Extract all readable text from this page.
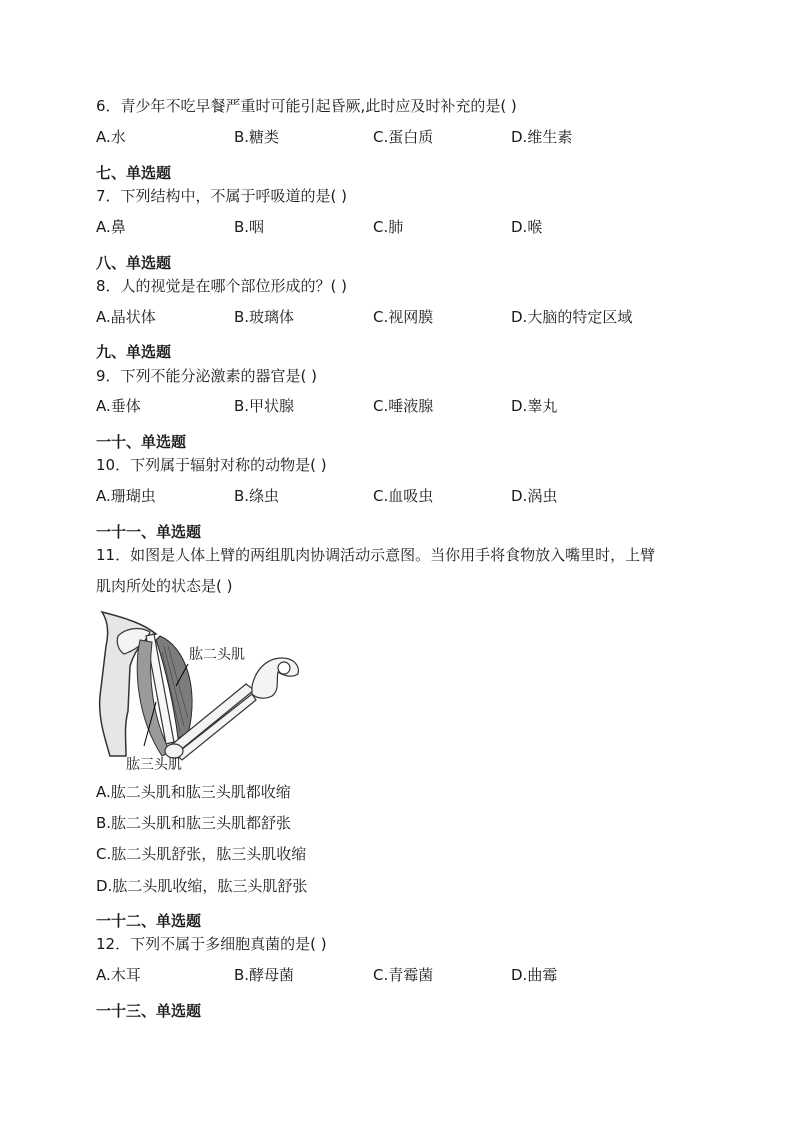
6．青少年不吃早餐严重时可能引起昏厥,此时应及时补充的是( )
A.水	B.糖类	C.蛋白质	D.维生素
七、单选题
7．下列结构中，不属于呼吸道的是( )
A.鼻	B.咽	C.肺	D.喉
八、单选题
8．人的视觉是在哪个部位形成的？( )
A.晶状体	B.玻璃体	C.视网膜	D.大脑的特定区域
九、单选题
9．下列不能分泌激素的器官是( )
A.垂体	B.甲状腺	C.唾液腺	D.睾丸
一十、单选题
10．下列属于辐射对称的动物是( )
A.珊瑚虫	B.绦虫	C.血吸虫	D.涡虫
一十一、单选题
11．如图是人体上臂的两组肌肉协调活动示意图。当你用手将食物放入嘴里时，上臂
肌肉所处的状态是( )
肱二头肌
肱三头肌
A.肱二头肌和肱三头肌都收缩
B.肱二头肌和肱三头肌都舒张
C.肱二头肌舒张，肱三头肌收缩
D.肱二头肌收缩，肱三头肌舒张
一十二、单选题
12．下列不属于多细胞真菌的是( )
A.木耳	B.酵母菌	C.青霉菌	D.曲霉
一十三、单选题
